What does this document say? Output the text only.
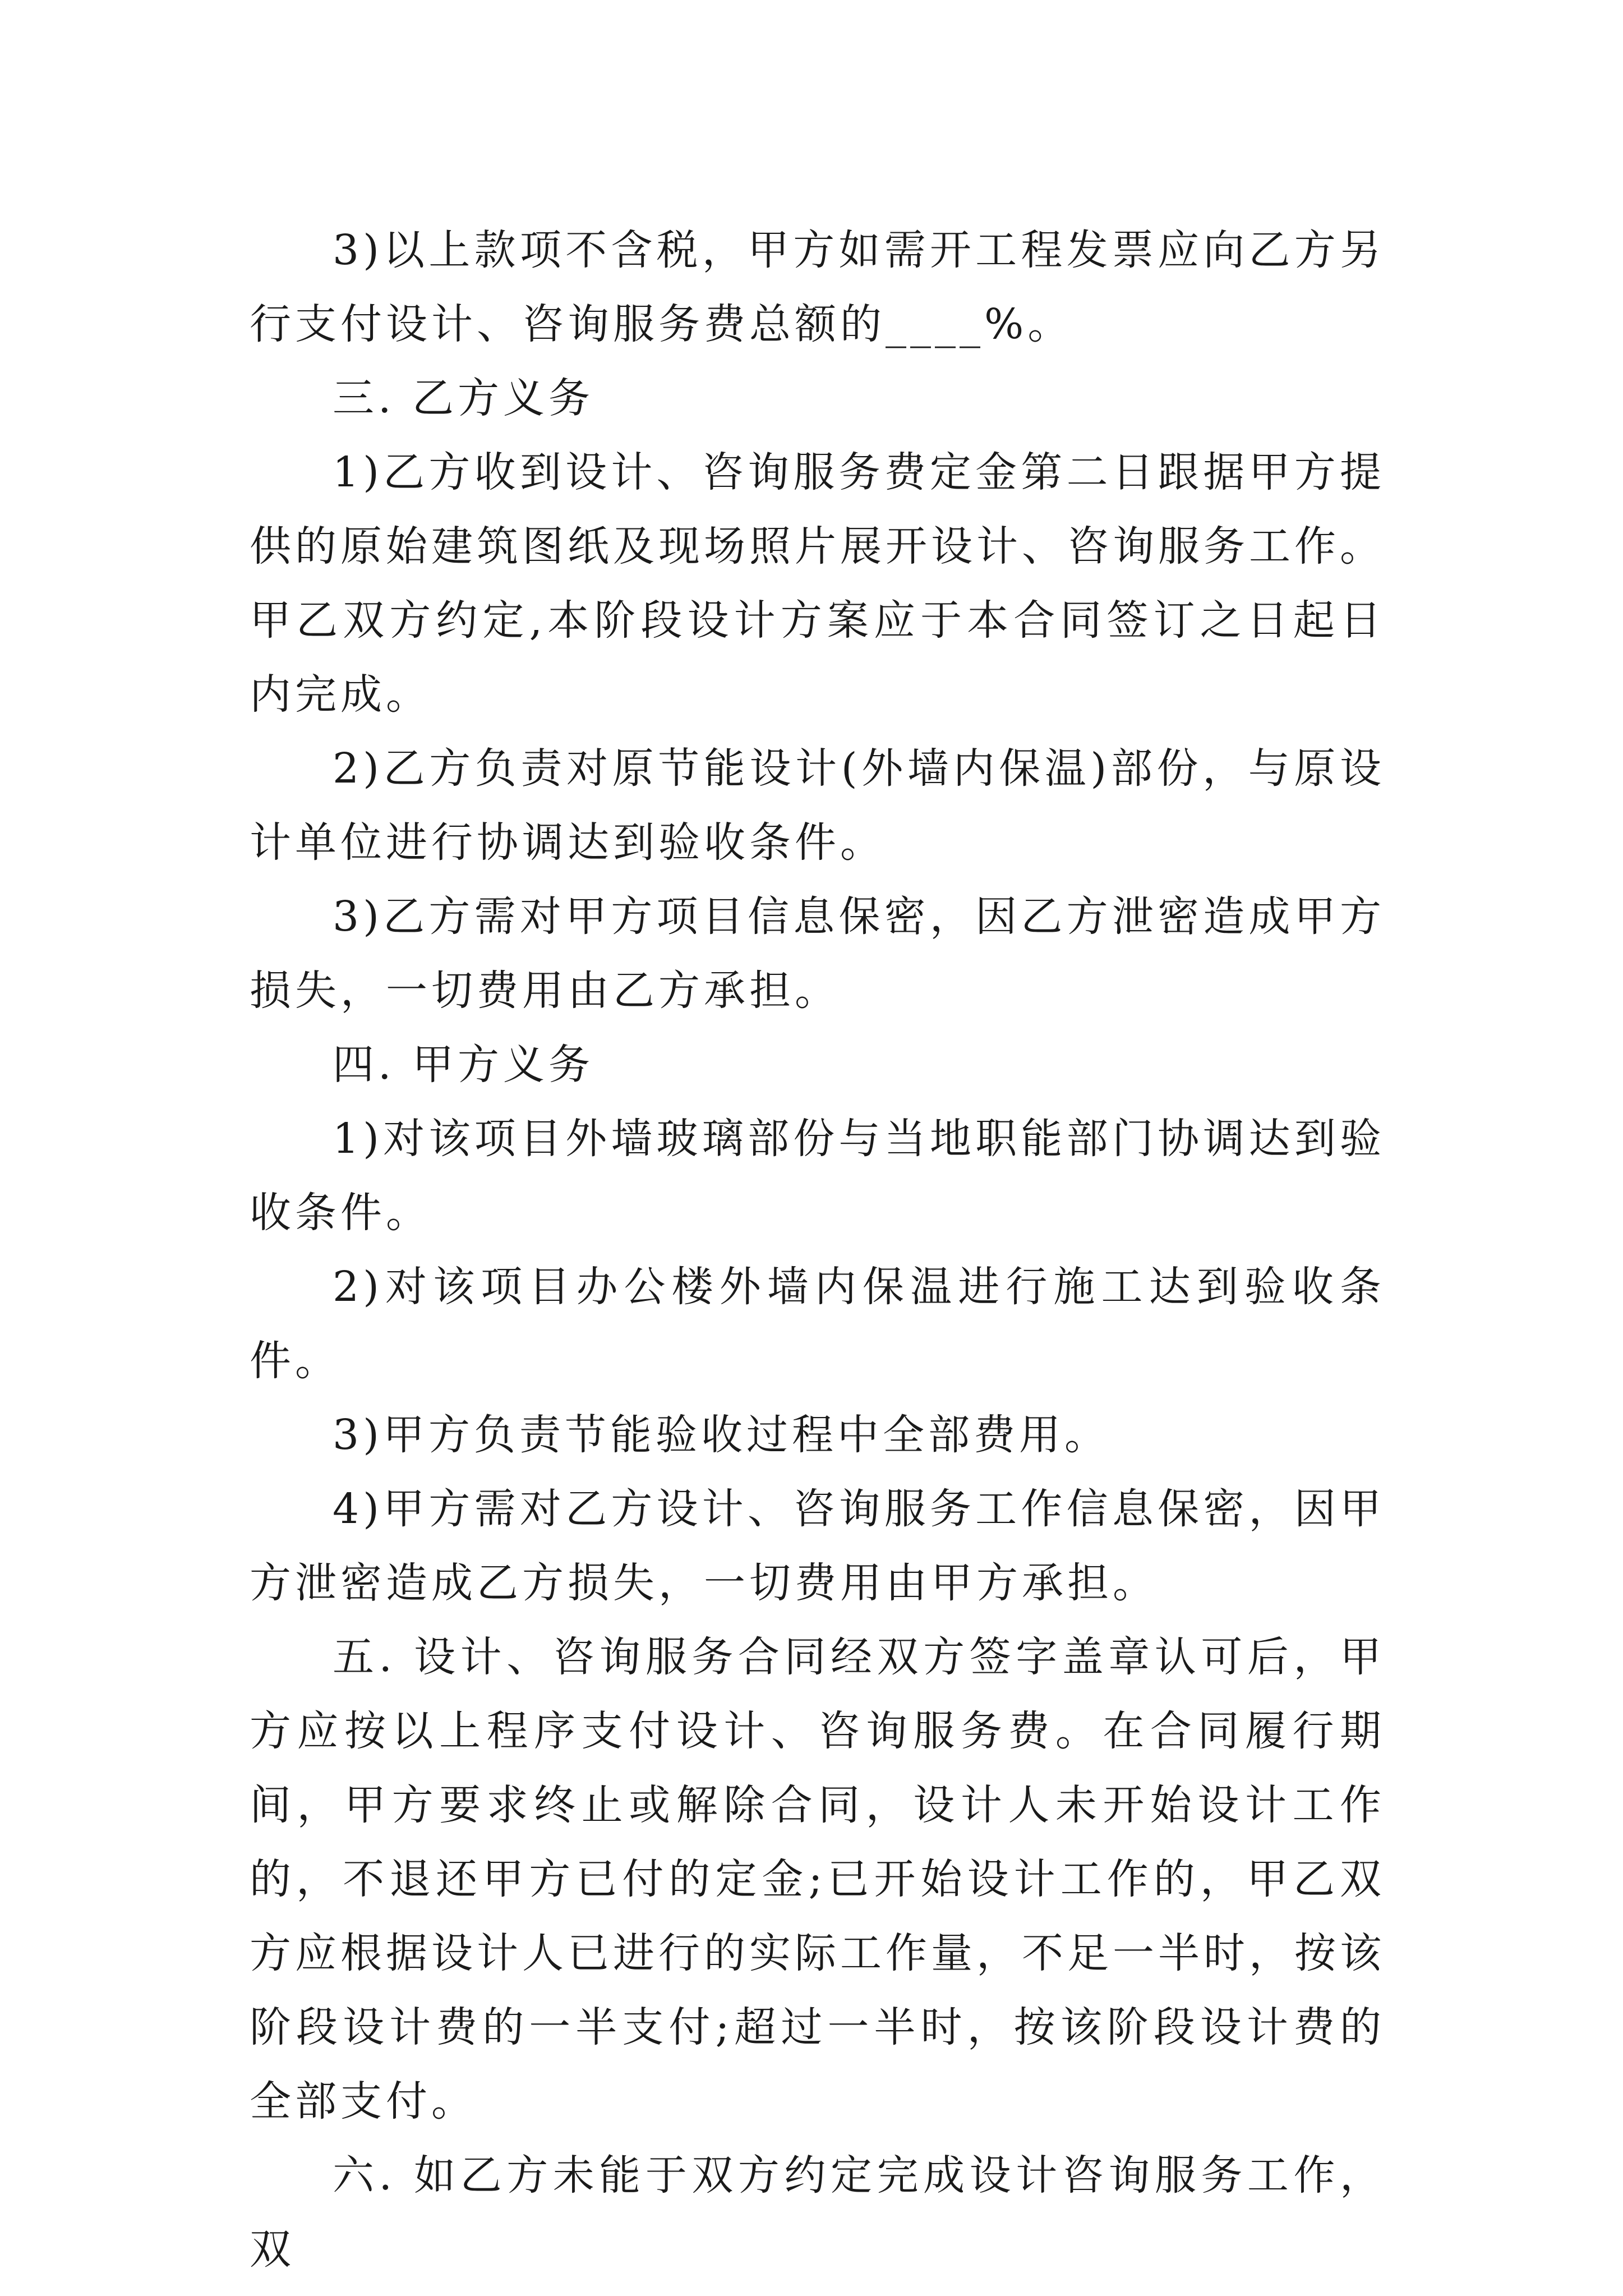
3)以上款项不含税，甲方如需开工程发票应向乙方另行支付设计、咨询服务费总额的____%。

三. 乙方义务

1)乙方收到设计、咨询服务费定金第二日跟据甲方提供的原始建筑图纸及现场照片展开设计、咨询服务工作。甲乙双方约定,本阶段设计方案应于本合同签订之日起日内完成。

2)乙方负责对原节能设计(外墙内保温)部份，与原设计单位进行协调达到验收条件。

3)乙方需对甲方项目信息保密，因乙方泄密造成甲方损失，一切费用由乙方承担。

四. 甲方义务

1)对该项目外墙玻璃部份与当地职能部门协调达到验收条件。

2)对该项目办公楼外墙内保温进行施工达到验收条件。

3)甲方负责节能验收过程中全部费用。

4)甲方需对乙方设计、咨询服务工作信息保密，因甲方泄密造成乙方损失，一切费用由甲方承担。

五. 设计、咨询服务合同经双方签字盖章认可后，甲方应按以上程序支付设计、咨询服务费。在合同履行期间，甲方要求终止或解除合同，设计人未开始设计工作的，不退还甲方已付的定金;已开始设计工作的，甲乙双方应根据设计人已进行的实际工作量，不足一半时，按该阶段设计费的一半支付;超过一半时，按该阶段设计费的全部支付。

六. 如乙方未能于双方约定完成设计咨询服务工作，双
